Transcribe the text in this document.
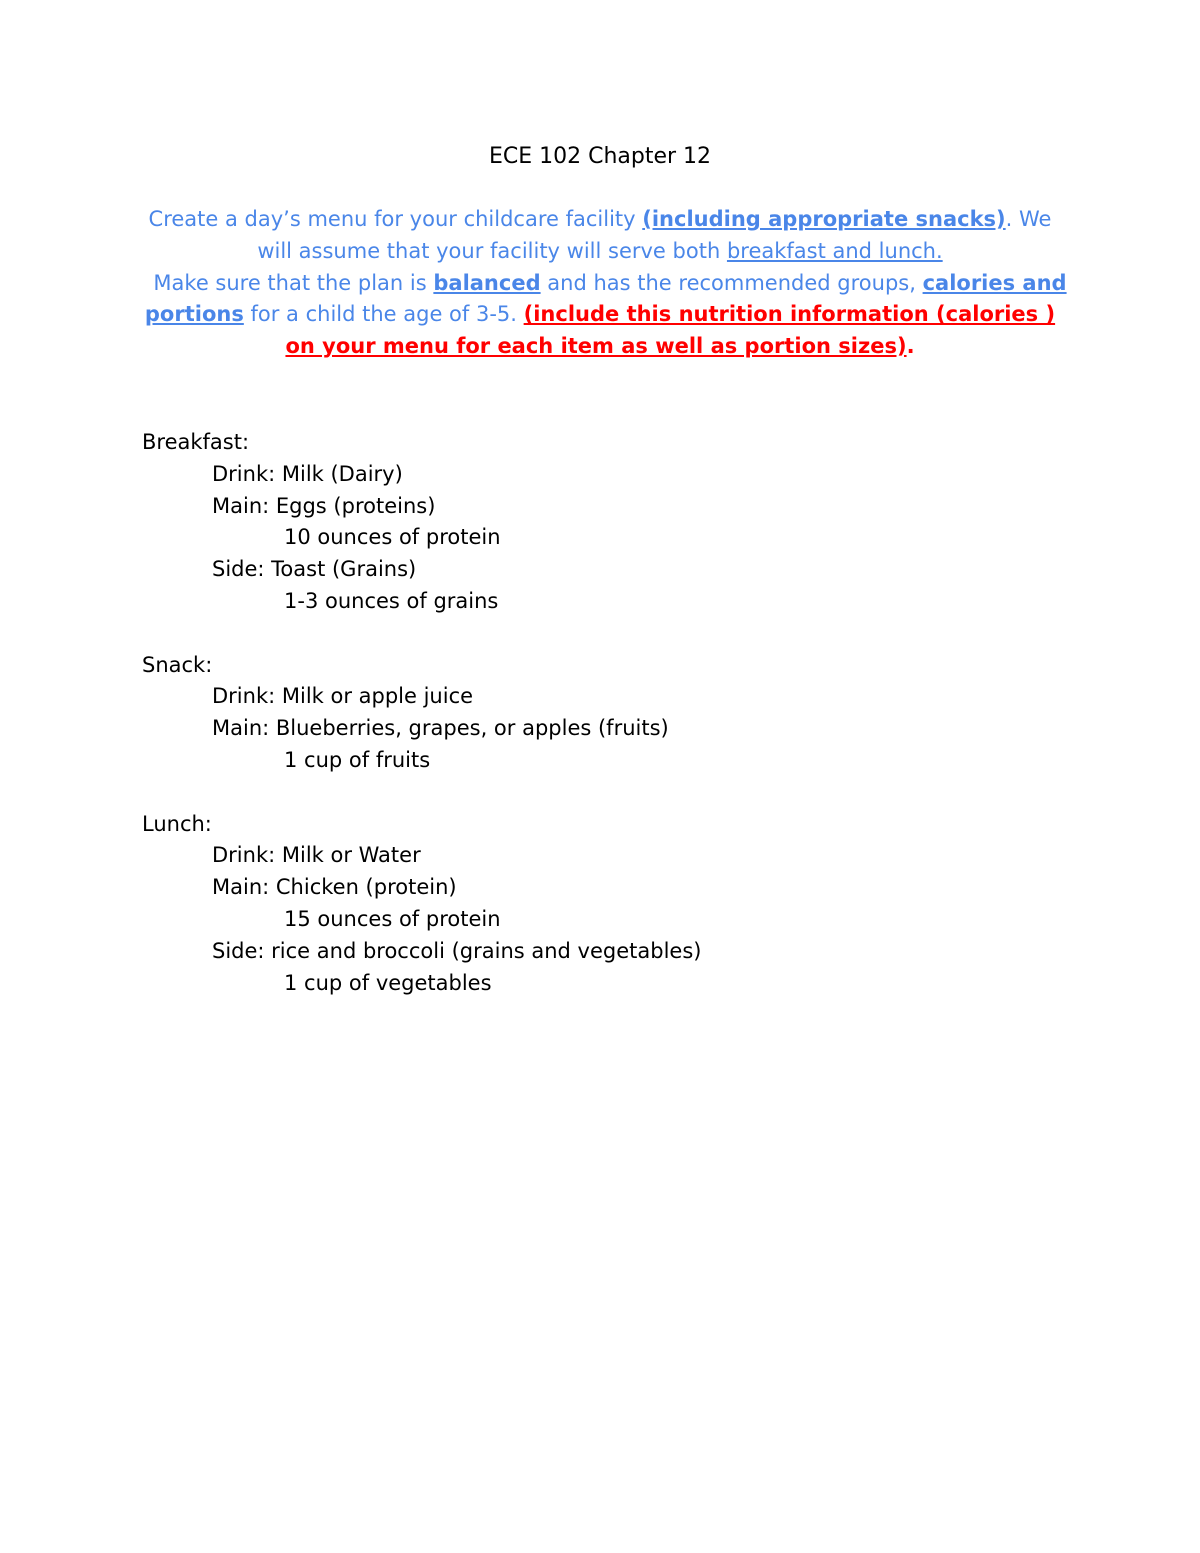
ECE 102 Chapter 12
Create a day’s menu for your childcare facility (including appropriate snacks). We will assume that your facility will serve both breakfast and lunch.   Make sure that the plan is balanced and has the recommended groups, calories and portions for a child the age of 3-5. (include this nutrition information (calories ) on your menu for each item as well as portion sizes).
Breakfast:
Drink: Milk (Dairy)
Main: Eggs (proteins)
10 ounces of protein
Side: Toast (Grains)
1-3 ounces of grains
Snack:
Drink: Milk or apple juice
Main: Blueberries, grapes, or apples (fruits)
1 cup of fruits
Lunch:
Drink: Milk or Water
Main: Chicken (protein)
15 ounces of protein
Side: rice and broccoli (grains and vegetables)
1 cup of vegetables
